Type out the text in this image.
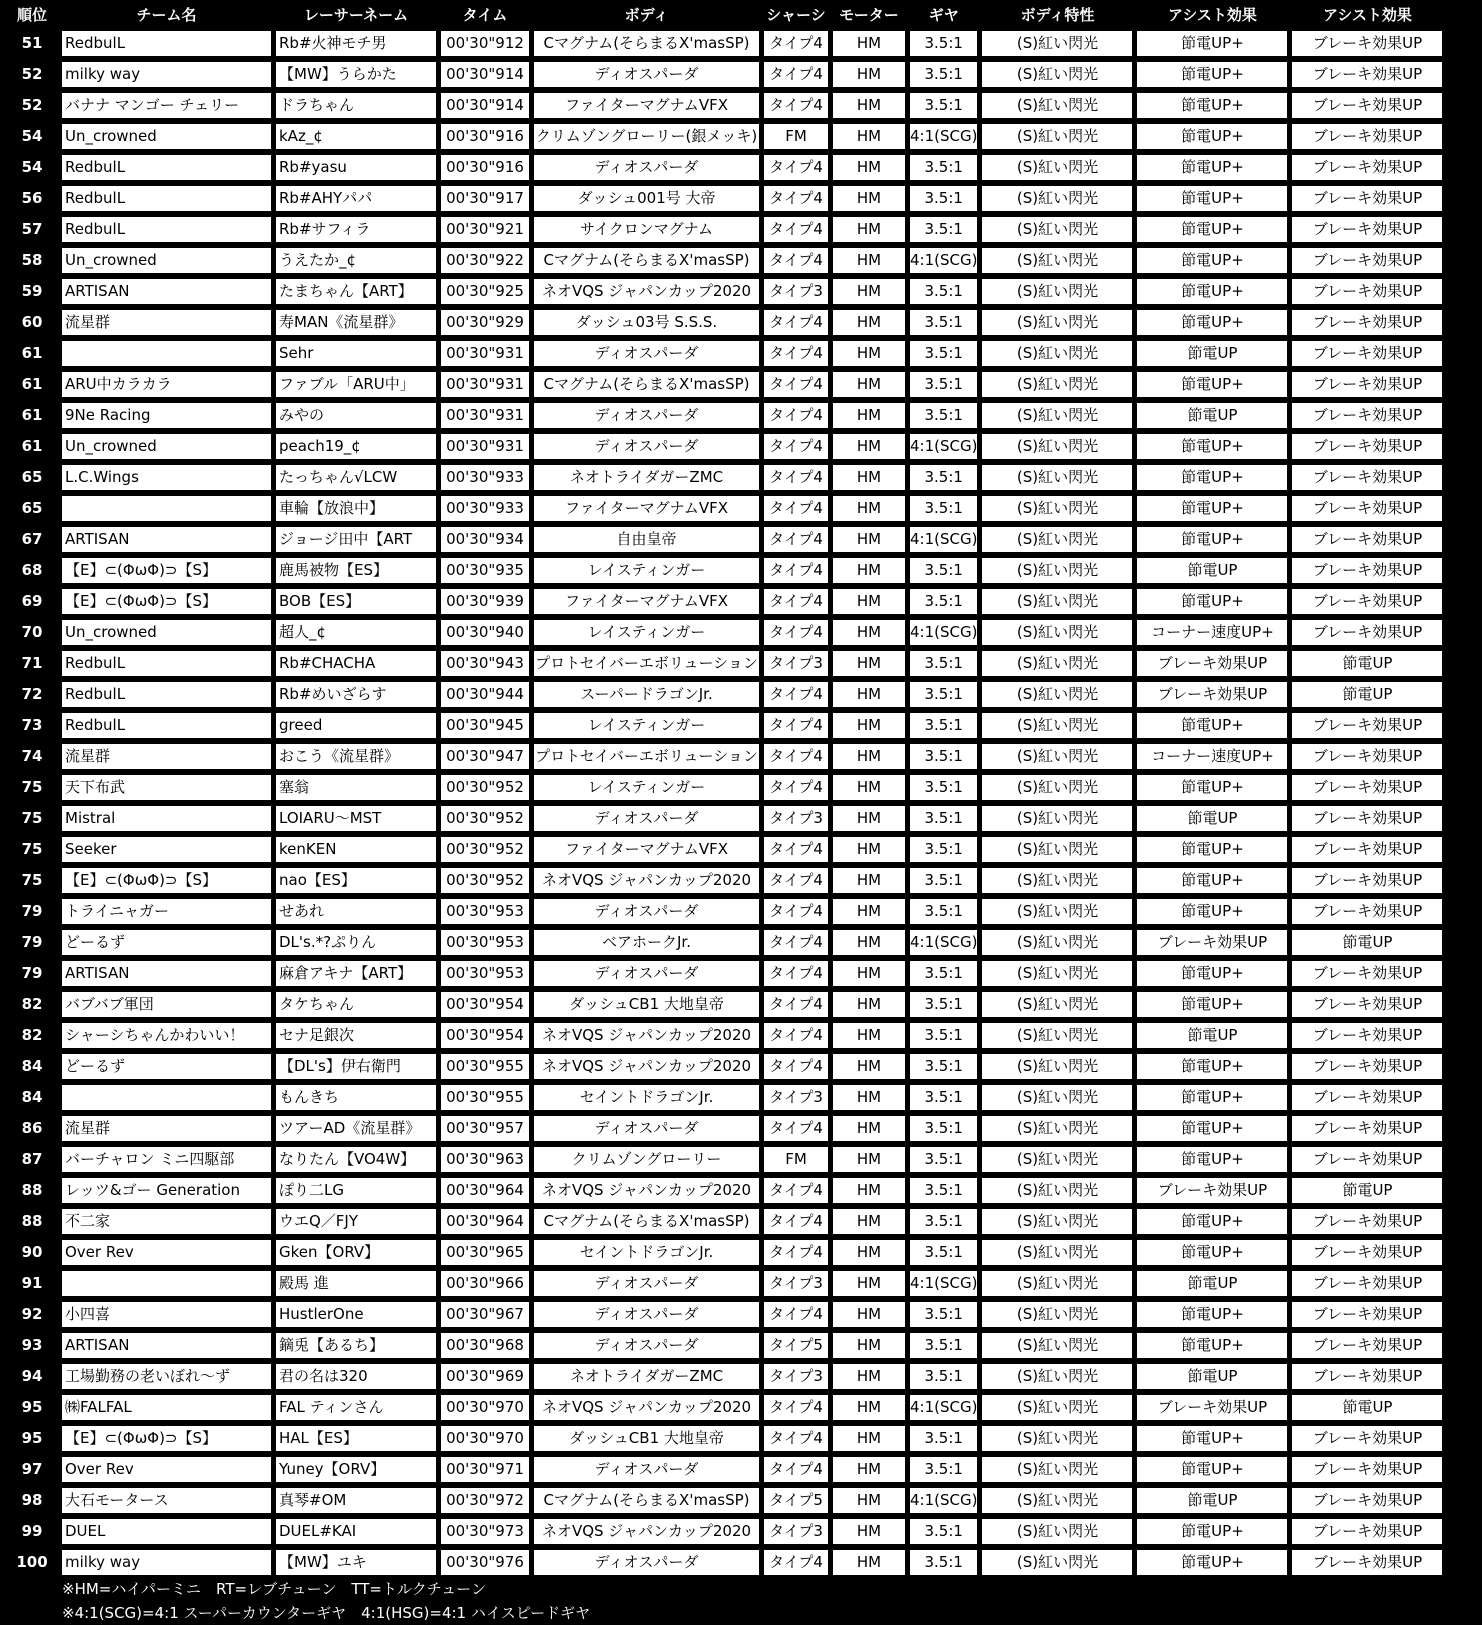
順位	チーム名	レーサーネーム	タイム	ボディ	シャーシ	モーター	ギヤ	ボディ特性	アシスト効果	アシスト効果
51	RedbulL	Rb#火神モチ男	00'30"912	Cマグナム(そらまるX'masSP)	タイプ4	HM	3.5:1	(S)紅い閃光	節電UP+	ブレーキ効果UP
52	milky way	【MW】うらかた	00'30"914	ディオスパーダ	タイプ4	HM	3.5:1	(S)紅い閃光	節電UP+	ブレーキ効果UP
52	バナナ マンゴー チェリー	ドラちゃん	00'30"914	ファイターマグナムVFX	タイプ4	HM	3.5:1	(S)紅い閃光	節電UP+	ブレーキ効果UP
54	Un_crowned	kAz_¢	00'30"916	クリムゾングローリー(銀メッキ)	FM	HM	4:1(SCG)	(S)紅い閃光	節電UP+	ブレーキ効果UP
54	RedbulL	Rb#yasu	00'30"916	ディオスパーダ	タイプ4	HM	3.5:1	(S)紅い閃光	節電UP+	ブレーキ効果UP
56	RedbulL	Rb#AHYパパ	00'30"917	ダッシュ001号 大帝	タイプ4	HM	3.5:1	(S)紅い閃光	節電UP+	ブレーキ効果UP
57	RedbulL	Rb#サフィラ	00'30"921	サイクロンマグナム	タイプ4	HM	3.5:1	(S)紅い閃光	節電UP+	ブレーキ効果UP
58	Un_crowned	うえたか_¢	00'30"922	Cマグナム(そらまるX'masSP)	タイプ4	HM	4:1(SCG)	(S)紅い閃光	節電UP+	ブレーキ効果UP
59	ARTISAN	たまちゃん【ART】	00'30"925	ネオVQS ジャパンカップ2020	タイプ3	HM	3.5:1	(S)紅い閃光	節電UP+	ブレーキ効果UP
60	流星群	寿MAN《流星群》	00'30"929	ダッシュ03号 S.S.S.	タイプ4	HM	3.5:1	(S)紅い閃光	節電UP+	ブレーキ効果UP
61		Sehr	00'30"931	ディオスパーダ	タイプ4	HM	3.5:1	(S)紅い閃光	節電UP	ブレーキ効果UP
61	ARU中カラカラ	ファブル「ARU中」	00'30"931	Cマグナム(そらまるX'masSP)	タイプ4	HM	3.5:1	(S)紅い閃光	節電UP+	ブレーキ効果UP
61	9Ne Racing	みやの	00'30"931	ディオスパーダ	タイプ4	HM	3.5:1	(S)紅い閃光	節電UP	ブレーキ効果UP
61	Un_crowned	peach19_¢	00'30"931	ディオスパーダ	タイプ4	HM	4:1(SCG)	(S)紅い閃光	節電UP+	ブレーキ効果UP
65	L.C.Wings	たっちゃん√LCW	00'30"933	ネオトライダガーZMC	タイプ4	HM	3.5:1	(S)紅い閃光	節電UP+	ブレーキ効果UP
65		車輪【放浪中】	00'30"933	ファイターマグナムVFX	タイプ4	HM	3.5:1	(S)紅い閃光	節電UP+	ブレーキ効果UP
67	ARTISAN	ジョージ田中【ART	00'30"934	自由皇帝	タイプ4	HM	4:1(SCG)	(S)紅い閃光	節電UP+	ブレーキ効果UP
68	【E】⊂(ΦωΦ)⊃【S】	鹿馬被物【ES】	00'30"935	レイスティンガー	タイプ4	HM	3.5:1	(S)紅い閃光	節電UP	ブレーキ効果UP
69	【E】⊂(ΦωΦ)⊃【S】	BOB【ES】	00'30"939	ファイターマグナムVFX	タイプ4	HM	3.5:1	(S)紅い閃光	節電UP+	ブレーキ効果UP
70	Un_crowned	超人_¢	00'30"940	レイスティンガー	タイプ4	HM	4:1(SCG)	(S)紅い閃光	コーナー速度UP+	ブレーキ効果UP
71	RedbulL	Rb#CHACHA	00'30"943	プロトセイバーエボリューション	タイプ3	HM	3.5:1	(S)紅い閃光	ブレーキ効果UP	節電UP
72	RedbulL	Rb#めいざらす	00'30"944	スーパードラゴンJr.	タイプ4	HM	3.5:1	(S)紅い閃光	ブレーキ効果UP	節電UP
73	RedbulL	greed	00'30"945	レイスティンガー	タイプ4	HM	3.5:1	(S)紅い閃光	節電UP+	ブレーキ効果UP
74	流星群	おこう《流星群》	00'30"947	プロトセイバーエボリューション	タイプ4	HM	3.5:1	(S)紅い閃光	コーナー速度UP+	ブレーキ効果UP
75	天下布武	塞翁	00'30"952	レイスティンガー	タイプ4	HM	3.5:1	(S)紅い閃光	節電UP+	ブレーキ効果UP
75	Mistral	LOIARU～MST	00'30"952	ディオスパーダ	タイプ3	HM	3.5:1	(S)紅い閃光	節電UP	ブレーキ効果UP
75	Seeker	kenKEN	00'30"952	ファイターマグナムVFX	タイプ4	HM	3.5:1	(S)紅い閃光	節電UP+	ブレーキ効果UP
75	【E】⊂(ΦωΦ)⊃【S】	nao【ES】	00'30"952	ネオVQS ジャパンカップ2020	タイプ4	HM	3.5:1	(S)紅い閃光	節電UP+	ブレーキ効果UP
79	トライニャガー	せあれ	00'30"953	ディオスパーダ	タイプ4	HM	3.5:1	(S)紅い閃光	節電UP+	ブレーキ効果UP
79	どーるず	DL's.*?ぷりん	00'30"953	ベアホークJr.	タイプ4	HM	4:1(SCG)	(S)紅い閃光	ブレーキ効果UP	節電UP
79	ARTISAN	麻倉アキナ【ART】	00'30"953	ディオスパーダ	タイプ4	HM	3.5:1	(S)紅い閃光	節電UP+	ブレーキ効果UP
82	バブバブ軍団	タケちゃん	00'30"954	ダッシュCB1 大地皇帝	タイプ4	HM	3.5:1	(S)紅い閃光	節電UP+	ブレーキ効果UP
82	シャーシちゃんかわいい！	セナ足銀次	00'30"954	ネオVQS ジャパンカップ2020	タイプ4	HM	3.5:1	(S)紅い閃光	節電UP	ブレーキ効果UP
84	どーるず	【DL's】伊右衛門	00'30"955	ネオVQS ジャパンカップ2020	タイプ4	HM	3.5:1	(S)紅い閃光	節電UP+	ブレーキ効果UP
84		もんきち	00'30"955	セイントドラゴンJr.	タイプ3	HM	3.5:1	(S)紅い閃光	節電UP+	ブレーキ効果UP
86	流星群	ツアーAD《流星群》	00'30"957	ディオスパーダ	タイプ4	HM	3.5:1	(S)紅い閃光	節電UP+	ブレーキ効果UP
87	バーチャロン ミニ四駆部	なりたん【VO4W】	00'30"963	クリムゾングローリー	FM	HM	3.5:1	(S)紅い閃光	節電UP+	ブレーキ効果UP
88	レッツ&ゴー Generation	ぽり二LG	00'30"964	ネオVQS ジャパンカップ2020	タイプ4	HM	3.5:1	(S)紅い閃光	ブレーキ効果UP	節電UP
88	不二家	ウエQ／FJY	00'30"964	Cマグナム(そらまるX'masSP)	タイプ4	HM	3.5:1	(S)紅い閃光	節電UP+	ブレーキ効果UP
90	Over Rev	Gken【ORV】	00'30"965	セイントドラゴンJr.	タイプ4	HM	3.5:1	(S)紅い閃光	節電UP+	ブレーキ効果UP
91		殿馬 進	00'30"966	ディオスパーダ	タイプ3	HM	4:1(SCG)	(S)紅い閃光	節電UP	ブレーキ効果UP
92	小四喜	HustlerOne	00'30"967	ディオスパーダ	タイプ4	HM	3.5:1	(S)紅い閃光	節電UP+	ブレーキ効果UP
93	ARTISAN	鏑兎【あるち】	00'30"968	ディオスパーダ	タイプ5	HM	3.5:1	(S)紅い閃光	節電UP+	ブレーキ効果UP
94	工場勤務の老いぼれ～ず	君の名は320	00'30"969	ネオトライダガーZMC	タイプ3	HM	3.5:1	(S)紅い閃光	節電UP	ブレーキ効果UP
95	㈱FALFAL	FAL ティンさん	00'30"970	ネオVQS ジャパンカップ2020	タイプ4	HM	4:1(SCG)	(S)紅い閃光	ブレーキ効果UP	節電UP
95	【E】⊂(ΦωΦ)⊃【S】	HAL【ES】	00'30"970	ダッシュCB1 大地皇帝	タイプ4	HM	3.5:1	(S)紅い閃光	節電UP+	ブレーキ効果UP
97	Over Rev	Yuney【ORV】	00'30"971	ディオスパーダ	タイプ4	HM	3.5:1	(S)紅い閃光	節電UP+	ブレーキ効果UP
98	大石モータース	真琴#OM	00'30"972	Cマグナム(そらまるX'masSP)	タイプ5	HM	4:1(SCG)	(S)紅い閃光	節電UP	ブレーキ効果UP
99	DUEL	DUEL#KAI	00'30"973	ネオVQS ジャパンカップ2020	タイプ3	HM	3.5:1	(S)紅い閃光	節電UP+	ブレーキ効果UP
100	milky way	【MW】ユキ	00'30"976	ディオスパーダ	タイプ4	HM	3.5:1	(S)紅い閃光	節電UP+	ブレーキ効果UP
※HM=ハイパーミニ　RT=レブチューン　TT=トルクチューン
※4:1(SCG)=4:1 スーパーカウンターギヤ　4:1(HSG)=4:1 ハイスピードギヤ
